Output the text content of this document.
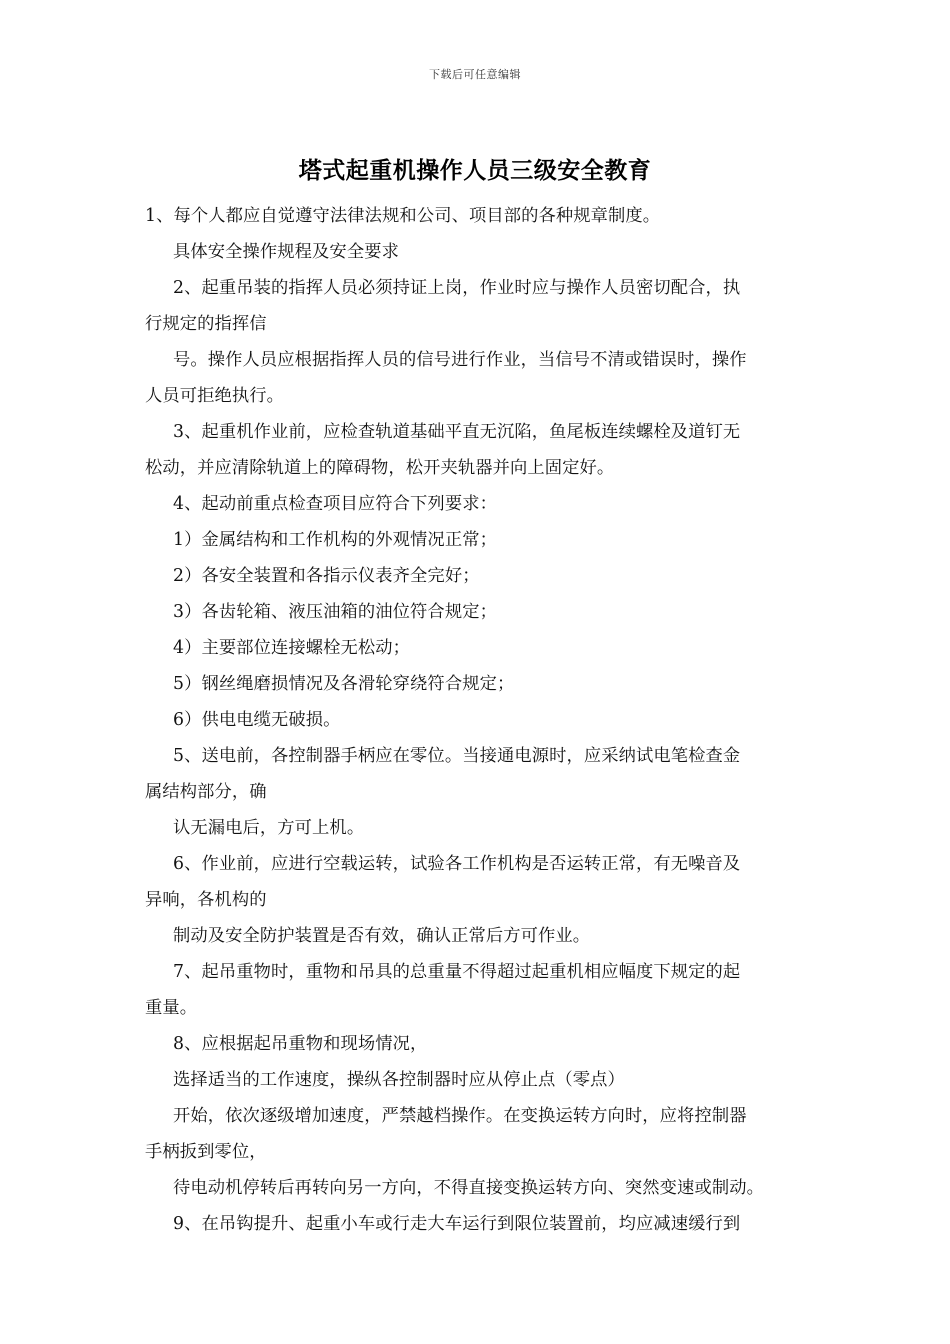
下载后可任意编辑
塔式起重机操作人员三级安全教育
1、每个人都应自觉遵守法律法规和公司、项目部的各种规章制度。
具体安全操作规程及安全要求
2、起重吊装的指挥人员必须持证上岗，作业时应与操作人员密切配合，执
行规定的指挥信
号。操作人员应根据指挥人员的信号进行作业，当信号不清或错误时，操作
人员可拒绝执行。
3、起重机作业前，应检查轨道基础平直无沉陷，鱼尾板连续螺栓及道钉无
松动，并应清除轨道上的障碍物，松开夹轨器并向上固定好。
4、起动前重点检查项目应符合下列要求：
1）金属结构和工作机构的外观情况正常；
2）各安全装置和各指示仪表齐全完好；
3）各齿轮箱、液压油箱的油位符合规定；
4）主要部位连接螺栓无松动；
5）钢丝绳磨损情况及各滑轮穿绕符合规定；
6）供电电缆无破损。
5、送电前，各控制器手柄应在零位。当接通电源时，应采纳试电笔检查金
属结构部分，确
认无漏电后，方可上机。
6、作业前，应进行空载运转，试验各工作机构是否运转正常，有无噪音及
异响，各机构的
制动及安全防护装置是否有效，确认正常后方可作业。
7、起吊重物时，重物和吊具的总重量不得超过起重机相应幅度下规定的起
重量。
8、应根据起吊重物和现场情况，
选择适当的工作速度，操纵各控制器时应从停止点（零点）
开始，依次逐级增加速度，严禁越档操作。在变换运转方向时，应将控制器
手柄扳到零位，
待电动机停转后再转向另一方向，不得直接变换运转方向、突然变速或制动。
9、在吊钩提升、起重小车或行走大车运行到限位装置前，均应减速缓行到
